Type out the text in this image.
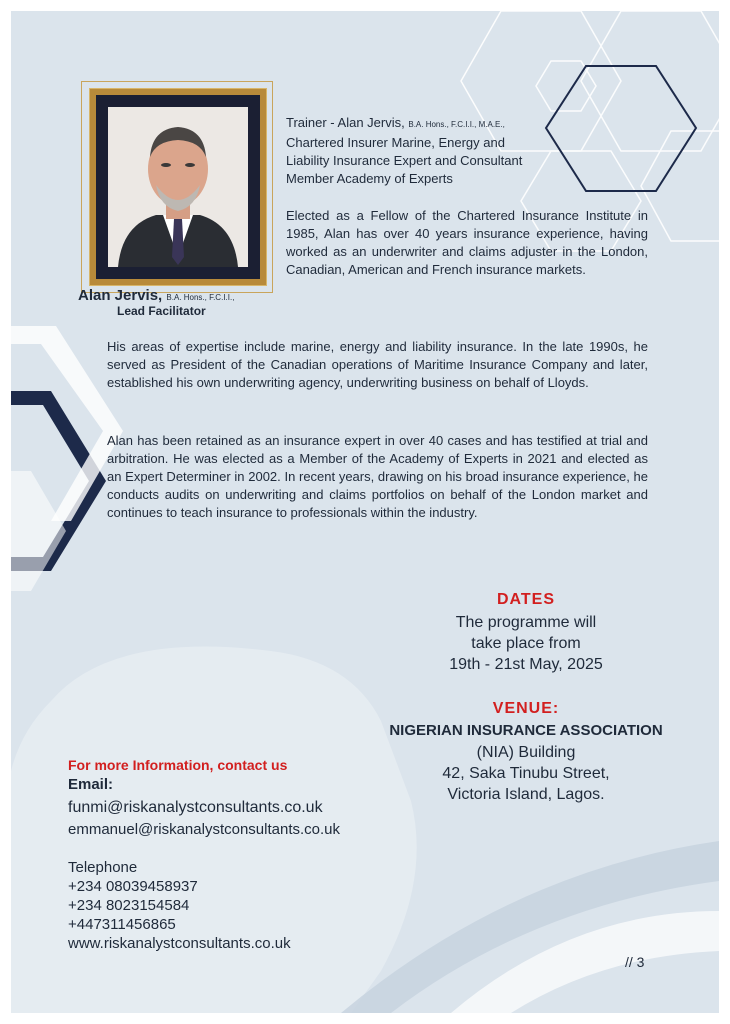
Alan Jervis, B.A. Hons., F.C.I.I.,
Lead Facilitator
Trainer - Alan Jervis, B.A. Hons., F.C.I.I., M.A.E.,
Chartered Insurer Marine, Energy and
Liability Insurance Expert and Consultant
Member Academy of Experts
Elected as a Fellow of the Chartered Insurance Institute in 1985, Alan has over 40 years insurance experience, having worked as an underwriter and claims adjuster in the London, Canadian, American and French insurance markets.
His areas of expertise include marine, energy and liability insurance. In the late 1990s, he served as President of the Canadian operations of Maritime Insurance Company and later, established his own underwriting agency, underwriting business on behalf of Lloyds.
Alan has been retained as an insurance expert in over 40 cases and has testified at trial and arbitration. He was elected as a Member of the Academy of Experts in 2021 and elected as an Expert Determiner in 2002. In recent years, drawing on his broad insurance experience, he conducts audits on underwriting and claims portfolios on behalf of the London market and continues to teach insurance to professionals within the industry.
DATES
The programme will
take place from
19th - 21st May, 2025
VENUE:
NIGERIAN INSURANCE ASSOCIATION
(NIA) Building
42, Saka Tinubu Street,
Victoria Island, Lagos.
For more Information, contact us
Email:
funmi@riskanalystconsultants.co.uk
emmanuel@riskanalystconsultants.co.uk
Telephone
+234 08039458937
+234 8023154584
+447311456865
www.riskanalystconsultants.co.uk
// 3
